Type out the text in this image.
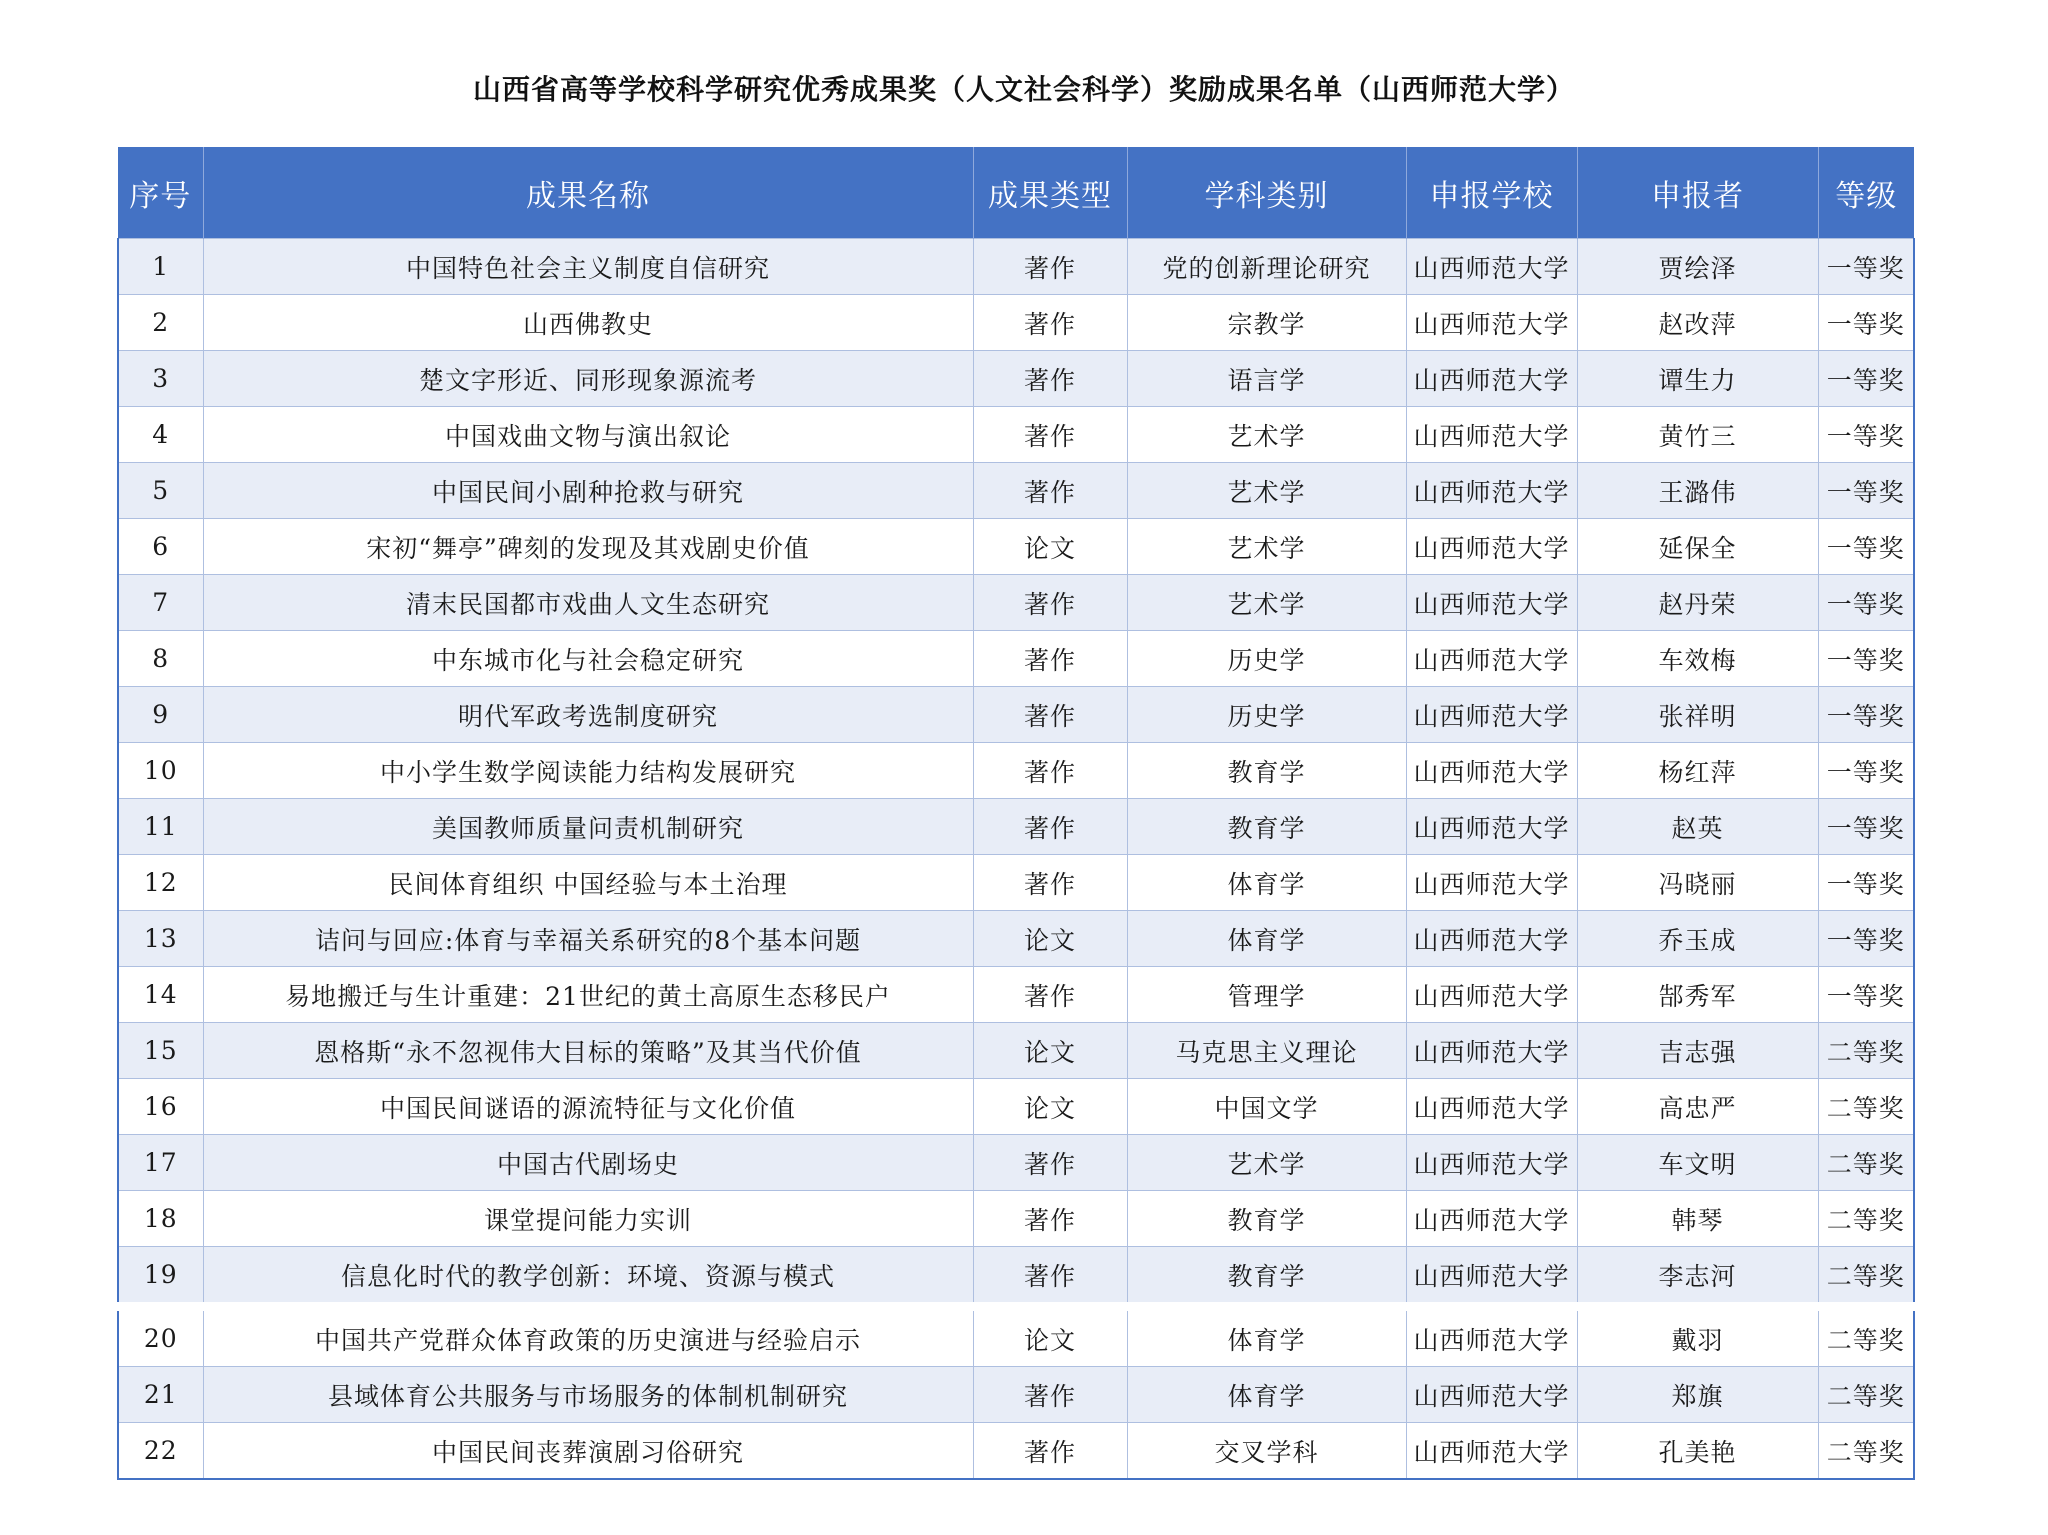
山西省高等学校科学研究优秀成果奖（人文社会科学）奖励成果名单（山西师范大学）
序号	成果名称	成果类型	学科类别	申报学校	申报者	等级
1	中国特色社会主义制度自信研究	著作	党的创新理论研究	山西师范大学	贾绘泽	一等奖
2	山西佛教史	著作	宗教学	山西师范大学	赵改萍	一等奖
3	楚文字形近、同形现象源流考	著作	语言学	山西师范大学	谭生力	一等奖
4	中国戏曲文物与演出叙论	著作	艺术学	山西师范大学	黄竹三	一等奖
5	中国民间小剧种抢救与研究	著作	艺术学	山西师范大学	王潞伟	一等奖
6	宋初“舞亭”碑刻的发现及其戏剧史价值	论文	艺术学	山西师范大学	延保全	一等奖
7	清末民国都市戏曲人文生态研究	著作	艺术学	山西师范大学	赵丹荣	一等奖
8	中东城市化与社会稳定研究	著作	历史学	山西师范大学	车效梅	一等奖
9	明代军政考选制度研究	著作	历史学	山西师范大学	张祥明	一等奖
10	中小学生数学阅读能力结构发展研究	著作	教育学	山西师范大学	杨红萍	一等奖
11	美国教师质量问责机制研究	著作	教育学	山西师范大学	赵英	一等奖
12	民间体育组织 中国经验与本土治理	著作	体育学	山西师范大学	冯晓丽	一等奖
13	诘问与回应:体育与幸福关系研究的8个基本问题	论文	体育学	山西师范大学	乔玉成	一等奖
14	易地搬迁与生计重建：21世纪的黄土高原生态移民户	著作	管理学	山西师范大学	郜秀军	一等奖
15	恩格斯“永不忽视伟大目标的策略”及其当代价值	论文	马克思主义理论	山西师范大学	吉志强	二等奖
16	中国民间谜语的源流特征与文化价值	论文	中国文学	山西师范大学	高忠严	二等奖
17	中国古代剧场史	著作	艺术学	山西师范大学	车文明	二等奖
18	课堂提问能力实训	著作	教育学	山西师范大学	韩琴	二等奖
19	信息化时代的教学创新：环境、资源与模式	著作	教育学	山西师范大学	李志河	二等奖
20	中国共产党群众体育政策的历史演进与经验启示	论文	体育学	山西师范大学	戴羽	二等奖
21	县域体育公共服务与市场服务的体制机制研究	著作	体育学	山西师范大学	郑旗	二等奖
22	中国民间丧葬演剧习俗研究	著作	交叉学科	山西师范大学	孔美艳	二等奖
